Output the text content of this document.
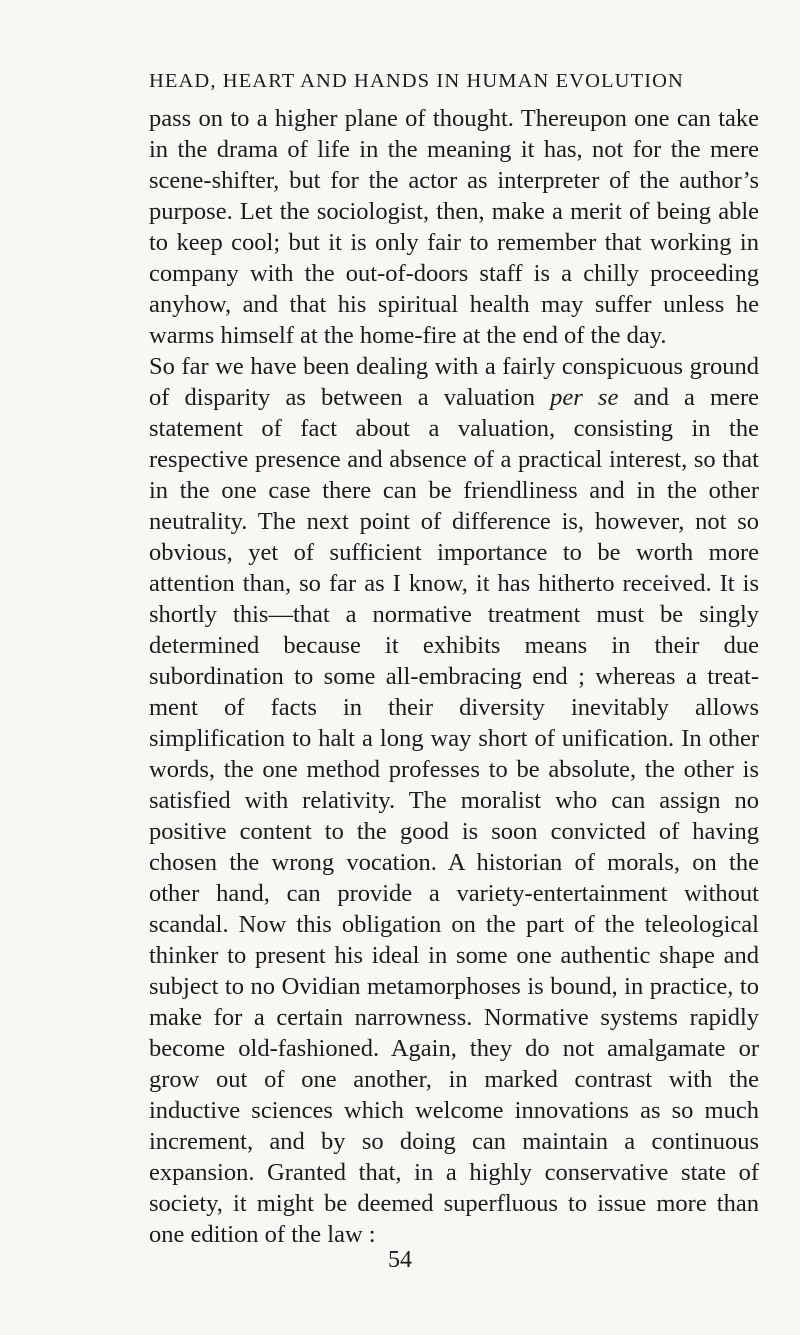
HEAD, HEART AND HANDS IN HUMAN EVOLUTION

pass on to a higher plane of thought. Thereupon one can take in the drama of life in the meaning it has, not for the mere scene-shifter, but for the actor as interpreter of the author’s purpose. Let the sociologist, then, make a merit of being able to keep cool; but it is only fair to remember that working in company with the out-of-doors staff is a chilly proceeding anyhow, and that his spiritual health may suffer unless he warms himself at the home-fire at the end of the day.

So far we have been dealing with a fairly conspicuous ground of disparity as between a valuation per se and a mere statement of fact about a valuation, consisting in the respective presence and absence of a practical interest, so that in the one case there can be friendliness and in the other neutrality. The next point of difference is, however, not so obvious, yet of sufficient importance to be worth more attention than, so far as I know, it has hitherto received. It is shortly this—that a normative treatment must be singly determined because it exhibits means in their due subordination to some all-embracing end ; whereas a treatment of facts in their diversity inevitably allows simplification to halt a long way short of unification. In other words, the one method professes to be absolute, the other is satisfied with relativity. The moralist who can assign no positive content to the good is soon convicted of having chosen the wrong vocation. A historian of morals, on the other hand, can provide a variety-entertainment without scandal. Now this obligation on the part of the teleological thinker to present his ideal in some one authentic shape and subject to no Ovidian metamorphoses is bound, in practice, to make for a certain narrowness. Normative systems rapidly become old-fashioned. Again, they do not amalgamate or grow out of one another, in marked contrast with the inductive sciences which welcome innovations as so much increment, and by so doing can maintain a continuous expansion. Granted that, in a highly conservative state of society, it might be deemed superfluous to issue more than one edition of the law :

54
